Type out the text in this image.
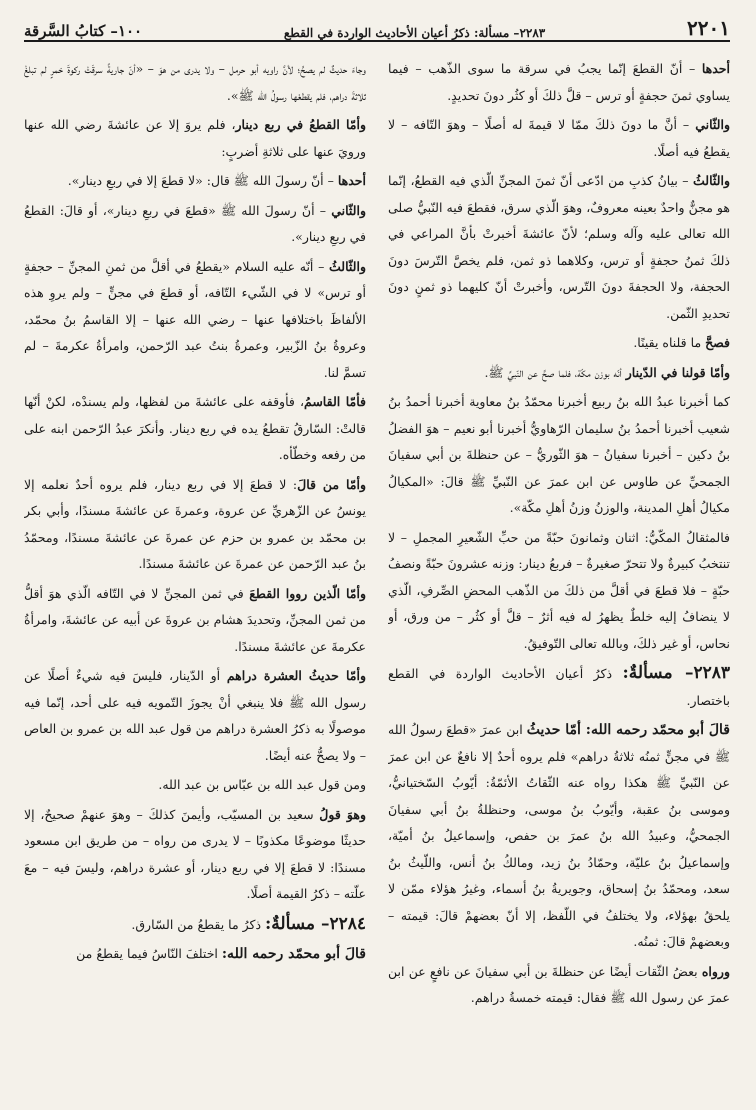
٢٢٠١
٢٢٨٣– مسألة: ذكرُ أعيان الأحاديث الواردة في القطع
١٠٠– كتابُ السَّرقة

أحدها – أنّ القطعَ إنّما يجبُ في سرقة ما سوى الذّهب – فيما يساوي ثمنَ حجفةٍ أو ترس – قلَّ ذلكَ أو كثُر دونَ تحديدٍ.

والثّاني – أنَّ ما دونَ ذلكَ ممّا لا قيمةَ له أصلًا – وهوَ التّافه – لا يقطعُ فيه أصلًا.

والثّالثُ – بيانُ كذبِ من ادّعى أنّ ثمنَ المجنِّ الّذي فيه القطعُ، إنّما هو مجنٌّ واحدٌ بعينه معروفٌ، وهوَ الّذي سرق، فقطعَ فيه النّبيُّ صلى الله تعالى عليه وآله وسلم؛ لأنّ عائشةَ أخبرتْ بأنَّ المراعي في ذلكَ ثمنُ حجفةٍ أو ترس، وكلاهما ذو ثمن، فلم يخصَّ التّرسَ دونَ الحجفة، ولا الحجفةَ دونَ التّرس، وأخبرتْ أنّ كليهما ذو ثمنٍ دونَ تحديدِ الثّمن.

فصحَّ ما قلناه يقينًا.

وأمّا قولنا في الدّينار أنّه بوزن مكّة، فلما صحَّ عن النّبيِّ ﷺ.

كما أخبرنا عبدُ الله بنُ ربيع أخبرنا محمّدُ بنُ معاوية أخبرنا أحمدُ بنُ شعيب أخبرنا أحمدُ بنُ سليمان الرّهاويُّ أخبرنا أبو نعيم – هوَ الفضلُ بنُ دكين – أخبرنا سفيانُ – هوَ الثّوريُّ – عن حنظلةَ بن أبي سفيانَ الجمحيِّ عن طاوس عن ابن عمرَ عن النّبيِّ ﷺ قالَ: «المكيالُ مكيالُ أهلِ المدينة، والوزنُ وزنُ أهلِ مكّة».

فالمثقالُ المكّيُّ: اثنان وثمانونَ حبّةً من حبِّ الشّعيرِ المجملِ – لا تنتخبُ كبيرةٌ ولا تتحرّ صغيرةٌ – فربعُ دينار: وزنه عشرونَ حبّةً ونصفُ حبّةٍ – فلا قطعَ في أقلَّ من ذلكَ من الذّهب المحضِ الصِّرفِ، الّذي لا ينضافُ إليه خلطٌ يظهرُ له فيه أثرٌ – قلَّ أو كثُر – من ورق، أو نحاس، أو غير ذلكَ، وبالله تعالى التّوفيقُ.

٢٢٨٣– مسألةٌ: ذكرُ أعيان الأحاديث الواردة في القطع باختصار.

قالَ أبو محمّد رحمه الله: أمّا حديثُ ابن عمرَ «قطعَ رسولُ الله ﷺ في مجنٍّ ثمنُه ثلاثةُ دراهم» فلم يروه أحدٌ إلا نافعٌ عن ابن عمرَ عن النّبيِّ ﷺ هكذا رواه عنه الثّقاتُ الأئمّةُ: أيّوبُ السّختيانيُّ، وموسى بنُ عقبة، وأيّوبُ بنُ موسى، وحنظلةُ بنُ أبي سفيانَ الجمحيُّ، وعبيدُ الله بنُ عمرَ بن حفص، وإسماعيلُ بنُ أميّة، وإسماعيلُ بنُ عليّة، وحمّادُ بنُ زيد، ومالكُ بنُ أنس، واللّيثُ بنُ سعد، ومحمّدُ بنُ إسحاق، وجويريةُ بنُ أسماء، وغيرُ هؤلاء ممّن لا يلحقُ بهؤلاء، ولا يختلفُ في اللّفظ، إلا أنّ بعضهمْ قالَ: قيمته – وبعضهمْ قالَ: ثمنُه.

ورواه بعضُ الثّقات أيضًا عن حنظلةَ بن أبي سفيانَ عن نافعٍ عن ابن عمرَ عن رسول الله ﷺ فقال: قيمته خمسةُ دراهم.

وجاءَ حديثٌ لم يصحَّ؛ لأنَّ راويه أبو حرمل – ولا يدرى من هوَ – «أنّ جاريةً سرقَتْ ركوةَ خمرٍ لم تبلغْ ثلاثةَ دراهم، فلم يقطعْها رسولُ الله ﷺ».

وأمّا القطعُ في ربع دينار، فلم يروَ إلا عن عائشةَ رضي الله عنها ورويَ عنها على ثلاثةِ أضربٍ:

أحدها – أنّ رسولَ الله ﷺ قال: «لا قطعَ إلا في ربعِ دينار».

والثّاني – أنّ رسولَ الله ﷺ «قطعَ في ربعِ دينار»، أو قالَ: القطعُ في ربعِ دينار».

والثّالثُ – أنّه عليه السلام «يقطعُ في أقلَّ من ثمنِ المجنِّ – حجفةٍ أو ترس» لا في الشّيء التّافه، أو قطعَ في مجنٍّ – ولم يروِ هذه الألفاظَ باختلافها عنها – رضي الله عنها – إلا القاسمُ بنُ محمّد، وعروةُ بنُ الزّبير، وعمرةُ بنتُ عبد الرّحمن، وامرأةُ عكرمةَ – لم تسمَّ لنا.

فأمّا القاسمُ، فأوقفه على عائشةَ من لفظها، ولم يسندْه، لكنْ أنّها قالتْ: السّارقُ تقطعُ يده في ربع دينار. وأنكرَ عبدُ الرّحمن ابنه على من رفعه وخطّأه.

وأمّا من قالَ: لا قطعَ إلا في ربع دينار، فلم يروه أحدٌ نعلمه إلا يونسُ عن الزّهريِّ عن عروة، وعمرةَ عن عائشةَ مسندًا، وأبي بكر بن محمّد بن عمرو بن حزم عن عمرةَ عن عائشةَ مسندًا، ومحمّدُ بنُ عبد الرّحمن عن عمرةَ عن عائشةَ مسندًا.

وأمّا الّذين رووا القطعَ في ثمن المجنِّ لا في التّافه الّذي هوَ أقلُّ من ثمن المجنِّ، وتحديدَ هشام بن عروةَ عن أبيه عن عائشةَ، وامرأةُ عكرمةَ عن عائشةَ مسندًا.

وأمّا حديثُ العشرة دراهم أو الدّينار، فليسَ فيه شيءٌ أصلًا عن رسول الله ﷺ فلا ينبغي أنْ يجوزَ التّمويه فيه على أحد، إنّما فيه موصولًا به ذكرُ العشرة دراهم من قول عبد الله بن عمرو بن العاص – ولا يصحُّ عنه أيضًا.

ومن قول عبد الله بن عبّاس بن عبد الله.

وهوَ قولُ سعيد بن المسيّب، وأيمنَ كذلكَ – وهوَ عنهمْ صحيحٌ، إلا حديثًا موضوعًا مكذوبًا – لا يدرى من رواه – من طريق ابن مسعود مسندًا: لا قطعَ إلا في ربع دينار، أو عشرة دراهم، وليسَ فيه – معَ علّته – ذكرُ القيمة أصلًا.

٢٢٨٤– مسألةٌ: ذكرُ ما يقطعُ من السّارق.

قالَ أبو محمّد رحمه الله: اختلفَ النّاسُ فيما يقطعُ من
